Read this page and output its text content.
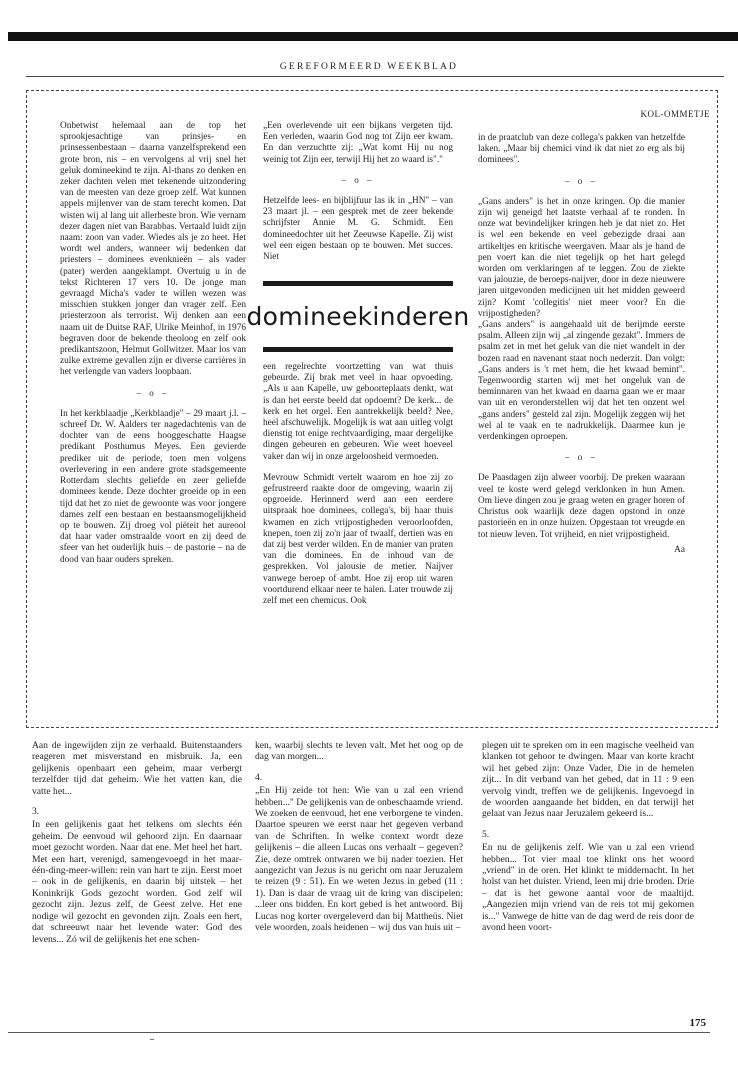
GEREFORMEERD WEEKBLAD
KOL-OMMETJE

Onbetwist helemaal aan de top het sprookjesachtige van prinsjes- en prinsessenbestaan – daarna vanzelfsprekend een grote bron, nis – en vervolgens al vrij snel het geluk domineekind te zijn. Al-thans zo denken en zeker dachten velen met tekenende uitzondering van de meesten van deze groep zelf. Wat kunnen appels mijlenver van de stam terecht komen. Dat wisten wij al lang uit allerbeste bron. Wie vernam dezer dagen niet van Barabbas. Vertaald luidt zijn naam: zoon van vader. Wiedes als je zo heet. Het wordt wel anders, wanneer wij bedenken dat priesters – dominees evenknieën – als vader (pater) werden aangeklampt. Overtuig u in de tekst Richteren 17 vers 10. De jonge man gevraagd Micha's vader te willen wezen was misschien stukken jonger dan vrager zelf. Een priesterzoon als terrorist. Wij denken aan een naam uit de Duitse RAF, Ulrike Meinhof, in 1976 begraven door de bekende theoloog en zelf ook predikantszoon, Helmut Gollwitzer. Maar los van zulke extreme gevallen zijn er diverse carrières in het verlengde van vaders loopbaan.

– o –

In het kerkblaadje „Kerkblaadje" – 29 maart j.l. – schreef Dr. W. Aalders ter nagedachtenis van de dochter van de eens hooggeschatte Haagse predikant Posthumus Meyes. Een gevierde prediker uit de periode, toen men volgens overlevering in een andere grote stadsgemeente Rotterdam slechts geliefde en zeer geliefde dominees kende. Deze dochter groeide op in een tijd dat het zo niet de gewoonte was voor jongere dames zelf een bestaan en bestaansmogelijkheid op te bouwen. Zij droeg vol piëteit het aureool dat haar vader omstraalde voort en zij deed de sfeer van het ouderlijk huis – de pastorie – na de dood van haar ouders spreken.

„Een overlevende uit een bijkans vergeten tijd. Een verleden, waarin God nog tot Zijn eer kwam. En dan verzuchtte zij: „Wat komt Hij nu nog weinig tot Zijn eer, terwijl Hij het zo waard is"."

– o –

Hetzelfde lees- en bijblijfuur las ik in „HN" – van 23 maart jl. – een gesprek met de zeer bekende schrijfster Annie M. G. Schmidt. Een domineedochter uit het Zeeuwse Kapelle. Zij wist wel een eigen bestaan op te bouwen. Met succes. Niet

domineekinderen

een regelrechte voortzetting van wat thuis gebeurde. Zij brak met veel in haar opvoeding. „Als u aan Kapelle, uw geboorteplaats denkt, wat is dan het eerste beeld dat opdoemt? De kerk... de kerk en het orgel. Een aantrekkelijk beeld? Nee, heel afschuwelijk. Mogelijk is wat aan uitleg volgt dienstig tot enige rechtvaardiging, maar dergelijke dingen gebeuren en gebeuren. Wie weet hoeveel vaker dan wij in onze argeloosheid vermoeden.

Mevrouw Schmidt vertelt waarom en hoe zij zo gefrustreerd raakte door de omgeving, waarin zij opgroeide. Herinnerd werd aan een eerdere uitspraak hoe dominees, collega's, bij haar thuis kwamen en zich vrijpostigheden veroorloofden, knepen, toen zij zo'n jaar of twaalf, dertien was en dat zij best verder wilden. En de manier van praten van die dominees. En de inhoud van de gesprekken. Vol jalousie de metier. Naijver vanwege beroep of ambt. Hoe zij erop uit waren voortdurend elkaar neer te halen. Later trouwde zij zelf met een chemicus. Ook

in de praatclub van deze collega's pakken van hetzelfde laken. „Maar bij chemici vind ik dat niet zo erg als bij dominees".

– o –

„Gans anders" is het in onze kringen. Op die manier zijn wij geneigd het laatste verhaal af te ronden. In onze wat bevindelijker kringen heb je dat niet zo. Het is wel een bekende en veel gebezigde draai aan artikeltjes en kritische weergaven. Maar als je hand de pen voert kan die niet tegelijk op het hart gelegd worden om verklaringen af te leggen. Zou de ziekte van jalouzie, de beroeps-naijver, door in deze nieuwere jaren uitgevonden medicijnen uit het midden geweerd zijn? Komt 'collegitis' niet meer voor? En die vrijpostigheden?

„Gans anders" is aangehaald uit de berijmde eerste psalm. Alleen zijn wij „al zingende gezakt". Immers de psalm zet in met het geluk van die niet wandelt in der bozen raad en navenant staat noch nederzit. Dan volgt: „Gans anders is 't met hem, die het kwaad bemint". Tegenwoordig starten wij met het ongeluk van de beminnaren van het kwaad en daarna gaan we er maar van uit en veronderstellen wij dat het ten onzent wel „gans anders" gesteld zal zijn. Mogelijk zeggen wij het wel al te vaak en te nadrukkelijk. Daarmee kun je verdenkingen oproepen.

– o –

De Paasdagen zijn alweer voorbij. De preken waaraan veel te koste werd gelegd verklonken in hun Amen. Om lieve dingen zou je graag weten en grager horen of Christus ook waarlijk deze dagen opstond in onze pastorieën en in onze huizen. Opgestaan tot vreugde en tot nieuw leven. Tot vrijheid, en niet vrijpostigheid.

Aa

Aan de ingewijden zijn ze verhaald. Buitenstaanders reageren met misverstand en misbruik. Ja, een gelijkenis openbaart een geheim, maar verbergt terzelfder tijd dat geheim. Wie het vatten kan, die vatte het...

3.

In een gelijkenis gaat het telkens om slechts één geheim. De eenvoud wil gehoord zijn. En daarnaar moet gezocht worden. Naar dat ene. Met heel het hart. Met een hart, verenigd, samengevoegd in het maar-één-ding-meer-willen: rein van hart te zijn. Eerst moet – ook in de gelijkenis, en daarin bij uitstek – het Koninkrijk Gods gezocht worden. God zelf wil gezocht zijn. Jezus zelf, de Geest zelve. Het ene nodige wil gezocht en gevonden zijn. Zoals een hert, dat schreeuwt naar het levende water: God des levens... Zó wil de gelijkenis het ene schen-

ken, waarbij slechts te leven valt. Met het oog op de dag van morgen...

4.

„En Hij zeide tot hen: Wie van u zal een vriend hebben..." De gelijkenis van de onbeschaamde vriend. We zoeken de eenvoud, het ene verborgene te vinden. Daartoe speuren we eerst naar het gegeven verband van de Schriften. In welke context wordt deze gelijkenis – die alleen Lucas ons verhaalt – gegeven? Zie, deze omtrek ontwaren we bij nader toezien. Het aangezicht van Jezus is nu gericht om naar Jeruzalem te reizen (9 : 51). En we weten Jezus in gebed (11 : 1). Dan is daar de vraag uit de kring van discipelen: ...leer ons bidden. En kort gebed is het antwoord. Bij Lucas nog korter overgeleverd dan bij Mattheüs. Niet vele woorden, zoals heidenen – wij dus van huis uit –

plegen uit te spreken om in een magische veelheid van klanken tot gehoor te dwingen. Maar van korte kracht wil het gebed zijn: Onze Vader, Die in de hemelen zijt... In dit verband van het gebed, dat in 11 : 9 een vervolg vindt, treffen we de gelijkenis. Ingevoegd in de woorden aangaande het bidden, en dat terwijl het gelaat van Jezus naar Jeruzalem gekeerd is...

5.

En nu de gelijkenis zelf. Wie van u zal een vriend hebben... Tot vier maal toe klinkt ons het woord „vriend" in de oren. Het klinkt te middernacht. In het holst van het duister. Vriend, leen mij drie broden. Drie – dat is het gewone aantal voor de maaltijd. „Aangezien mijn vriend van de reis tot mij gekomen is..." Vanwege de hitte van de dag werd de reis door de avond heen voort-

175
